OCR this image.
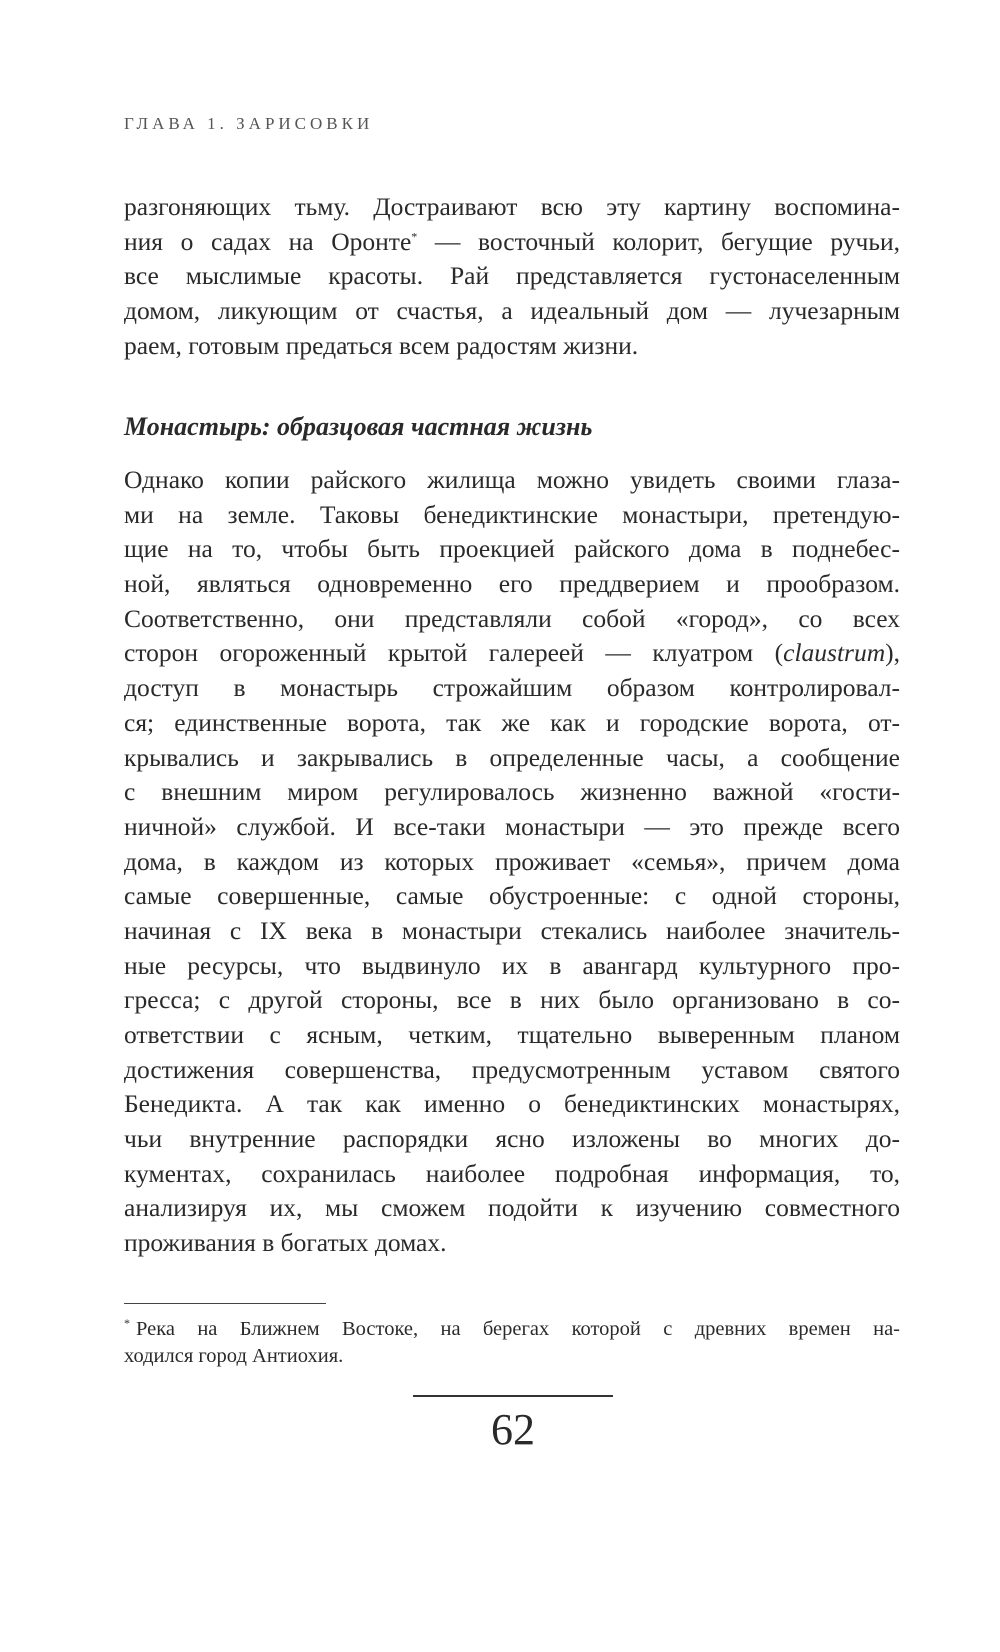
ГЛАВА 1. ЗАРИСОВКИ
разгоняющих тьму. Достраивают всю эту картину воспомина-
ния о садах на Оронте* — восточный колорит, бегущие ручьи,
все мыслимые красоты. Рай представляется густонаселенным
домом, ликующим от счастья, а идеальный дом — лучезарным
раем, готовым предаться всем радостям жизни.
Монастырь: образцовая частная жизнь
Однако копии райского жилища можно увидеть своими глаза-
ми на земле. Таковы бенедиктинские монастыри, претендую-
щие на то, чтобы быть проекцией райского дома в поднебес-
ной, являться одновременно его преддверием и прообразом.
Соответственно, они представляли собой «город», со всех
сторон огороженный крытой галереей — клуатром (claustrum),
доступ в монастырь строжайшим образом контролировал-
ся; единственные ворота, так же как и городские ворота, от-
крывались и закрывались в определенные часы, а сообщение
с внешним миром регулировалось жизненно важной «гости-
ничной» службой. И все-таки монастыри — это прежде всего
дома, в каждом из которых проживает «семья», причем дома
самые совершенные, самые обустроенные: с одной стороны,
начиная с IX века в монастыри стекались наиболее значитель-
ные ресурсы, что выдвинуло их в авангард культурного про-
гресса; с другой стороны, все в них было организовано в со-
ответствии с ясным, четким, тщательно выверенным планом
достижения совершенства, предусмотренным уставом святого
Бенедикта. А так как именно о бенедиктинских монастырях,
чьи внутренние распорядки ясно изложены во многих до-
кументах, сохранилась наиболее подробная информация, то,
анализируя их, мы сможем подойти к изучению совместного
проживания в богатых домах.
* Река на Ближнем Востоке, на берегах которой с древних времен на-
ходился город Антиохия.
62
